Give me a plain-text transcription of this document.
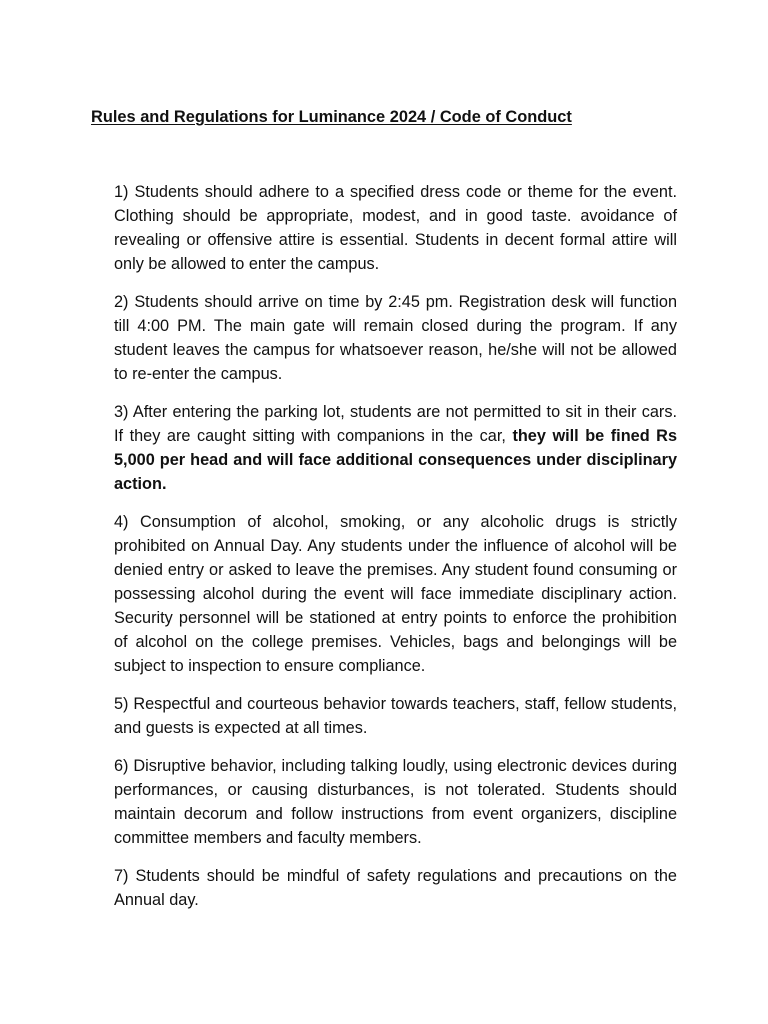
Rules and Regulations for Luminance 2024 / Code of Conduct
1) Students should adhere to a specified dress code or theme for the event. Clothing should be appropriate, modest, and in good taste. avoidance of revealing or offensive attire is essential. Students in decent formal attire will only be allowed to enter the campus.
2) Students should arrive on time by 2:45 pm. Registration desk will function till 4:00 PM. The main gate will remain closed during the program. If any student leaves the campus for whatsoever reason, he/she will not be allowed to re-enter the campus.
3) After entering the parking lot, students are not permitted to sit in their cars. If they are caught sitting with companions in the car, they will be fined Rs 5,000 per head and will face additional consequences under disciplinary action.
4) Consumption of alcohol, smoking, or any alcoholic drugs is strictly prohibited on Annual Day. Any students under the influence of alcohol will be denied entry or asked to leave the premises. Any student found consuming or possessing alcohol during the event will face immediate disciplinary action. Security personnel will be stationed at entry points to enforce the prohibition of alcohol on the college premises. Vehicles, bags and belongings will be subject to inspection to ensure compliance.
5) Respectful and courteous behavior towards teachers, staff, fellow students, and guests is expected at all times.
6) Disruptive behavior, including talking loudly, using electronic devices during performances, or causing disturbances, is not tolerated. Students should maintain decorum and follow instructions from event organizers, discipline committee members and faculty members.
7) Students should be mindful of safety regulations and precautions on the Annual day.
